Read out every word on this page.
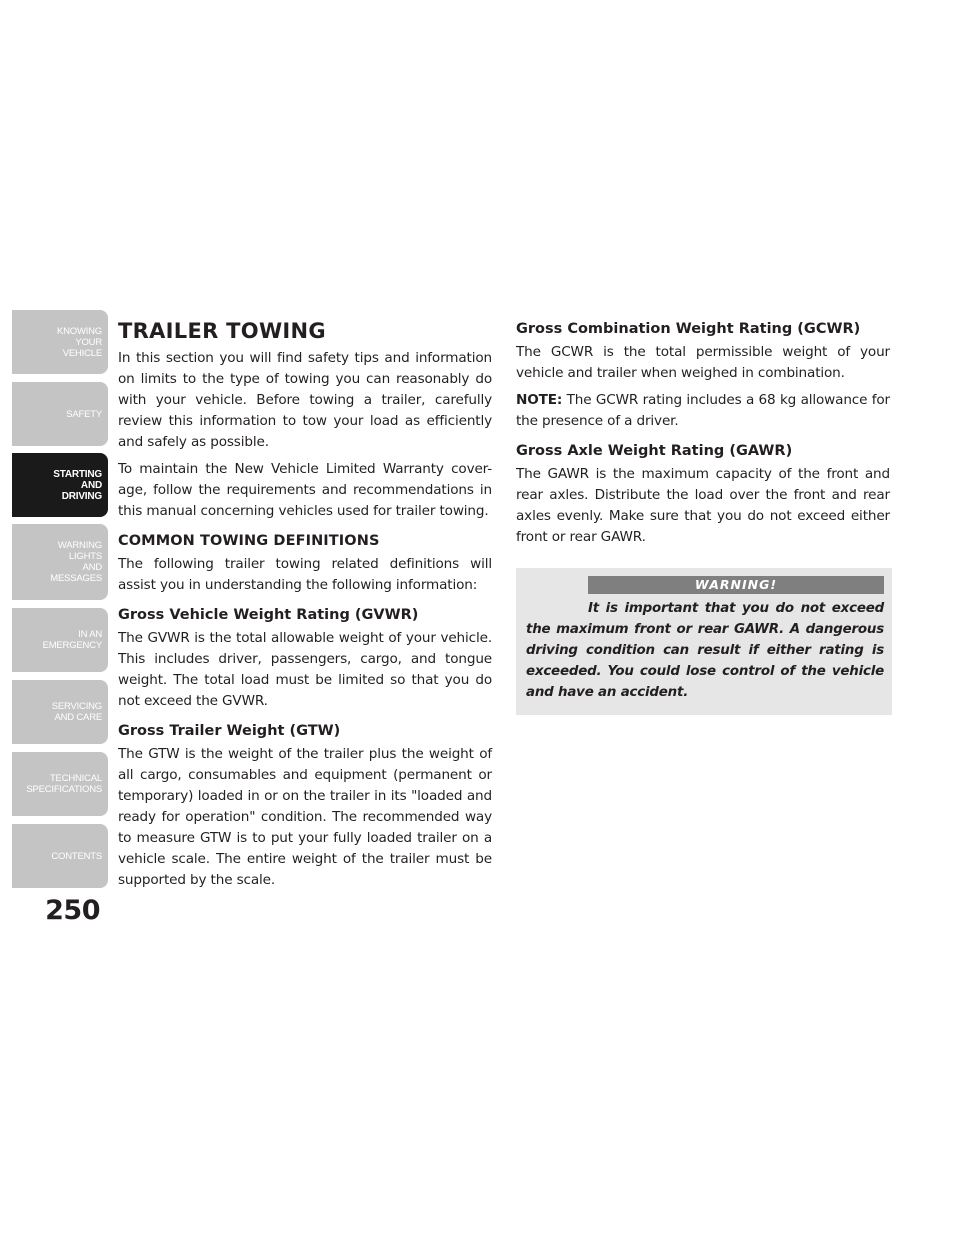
KNOWING
YOUR
VEHICLE
SAFETY
STARTING
AND
DRIVING
WARNING
LIGHTS
AND
MESSAGES
IN AN
EMERGENCY
SERVICING
AND CARE
TECHNICAL
SPECIFICATIONS
CONTENTS
250
TRAILER TOWING

In this section you will find safety tips and information on limits to the type of towing you can reasonably do with your vehicle. Before towing a trailer, carefully review this information to tow your load as efficiently and safely as possible.

To maintain the New Vehicle Limited Warranty cover-age, follow the requirements and recommendations in this manual concerning vehicles used for trailer towing.

COMMON TOWING DEFINITIONS

The following trailer towing related definitions will assist you in understanding the following information:

Gross Vehicle Weight Rating (GVWR)

The GVWR is the total allowable weight of your vehicle. This includes driver, passengers, cargo, and tongue weight. The total load must be limited so that you do not exceed the GVWR.

Gross Trailer Weight (GTW)

The GTW is the weight of the trailer plus the weight of all cargo, consumables and equipment (permanent or temporary) loaded in or on the trailer in its "loaded and ready for operation" condition. The recommended way to measure GTW is to put your fully loaded trailer on a vehicle scale. The entire weight of the trailer must be supported by the scale.

Gross Combination Weight Rating (GCWR)

The GCWR is the total permissible weight of your vehicle and trailer when weighed in combination.

NOTE: The GCWR rating includes a 68 kg allowance for the presence of a driver.

Gross Axle Weight Rating (GAWR)

The GAWR is the maximum capacity of the front and rear axles. Distribute the load over the front and rear axles evenly. Make sure that you do not exceed either front or rear GAWR.

WARNING!

It is important that you do not exceed the maximum front or rear GAWR. A dangerous driving condition can result if either rating is exceeded. You could lose control of the vehicle and have an accident.
